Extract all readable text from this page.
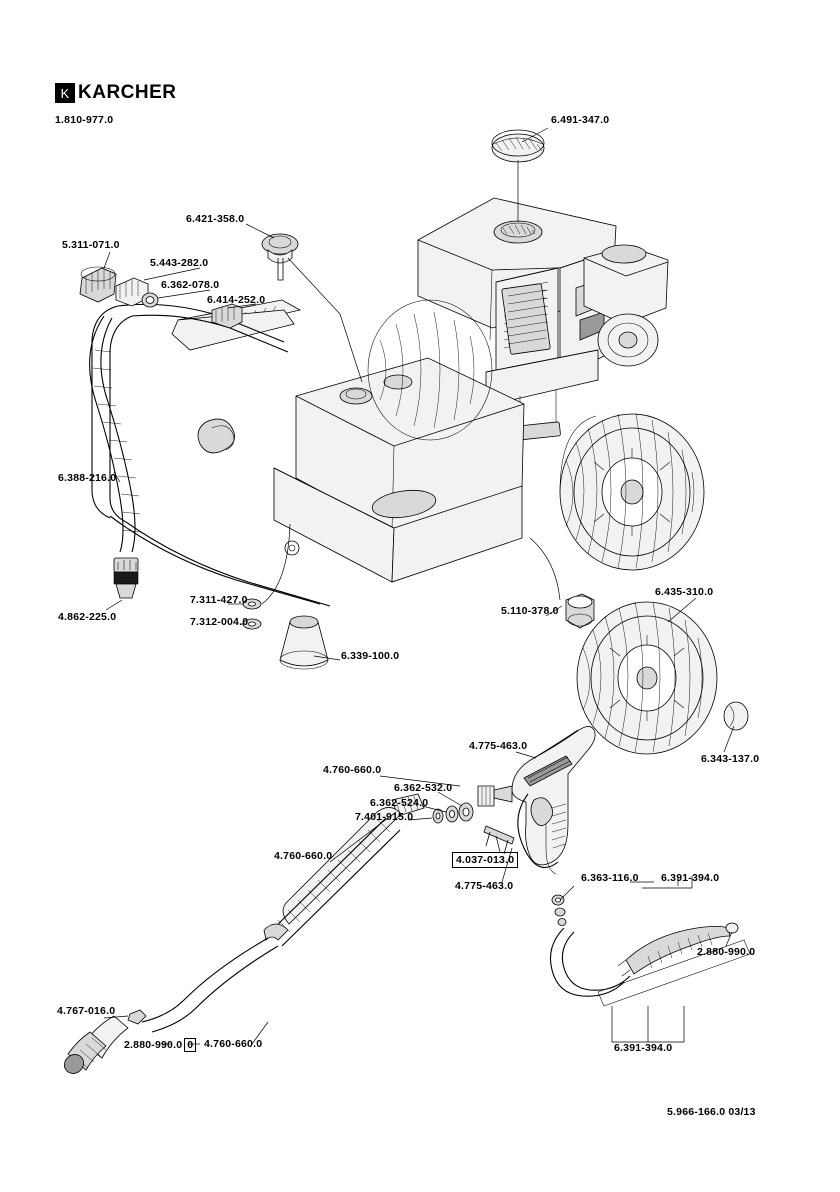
K KARCHER
1.810-977.0
5.966-166.0 03/13
6.491-347.0
6.421-358.0
5.311-071.0
5.443-282.0
6.362-078.0
6.414-252.0
6.388-216.0
4.862-225.0
7.311-427.0
7.312-004.0
6.339-100.0
5.110-378.0
6.435-310.0
6.343-137.0
4.775-463.0
4.760-660.0
6.362-532.0
6.362-524.0
7.401-915.0
4.760-660.0	4.037-013.0
4.775-463.0
6.363-116.0 6.391-394.0
2.880-990.0
4.767-016.0
2.880-990.0 0 4.760-660.0	6.391-394.0
